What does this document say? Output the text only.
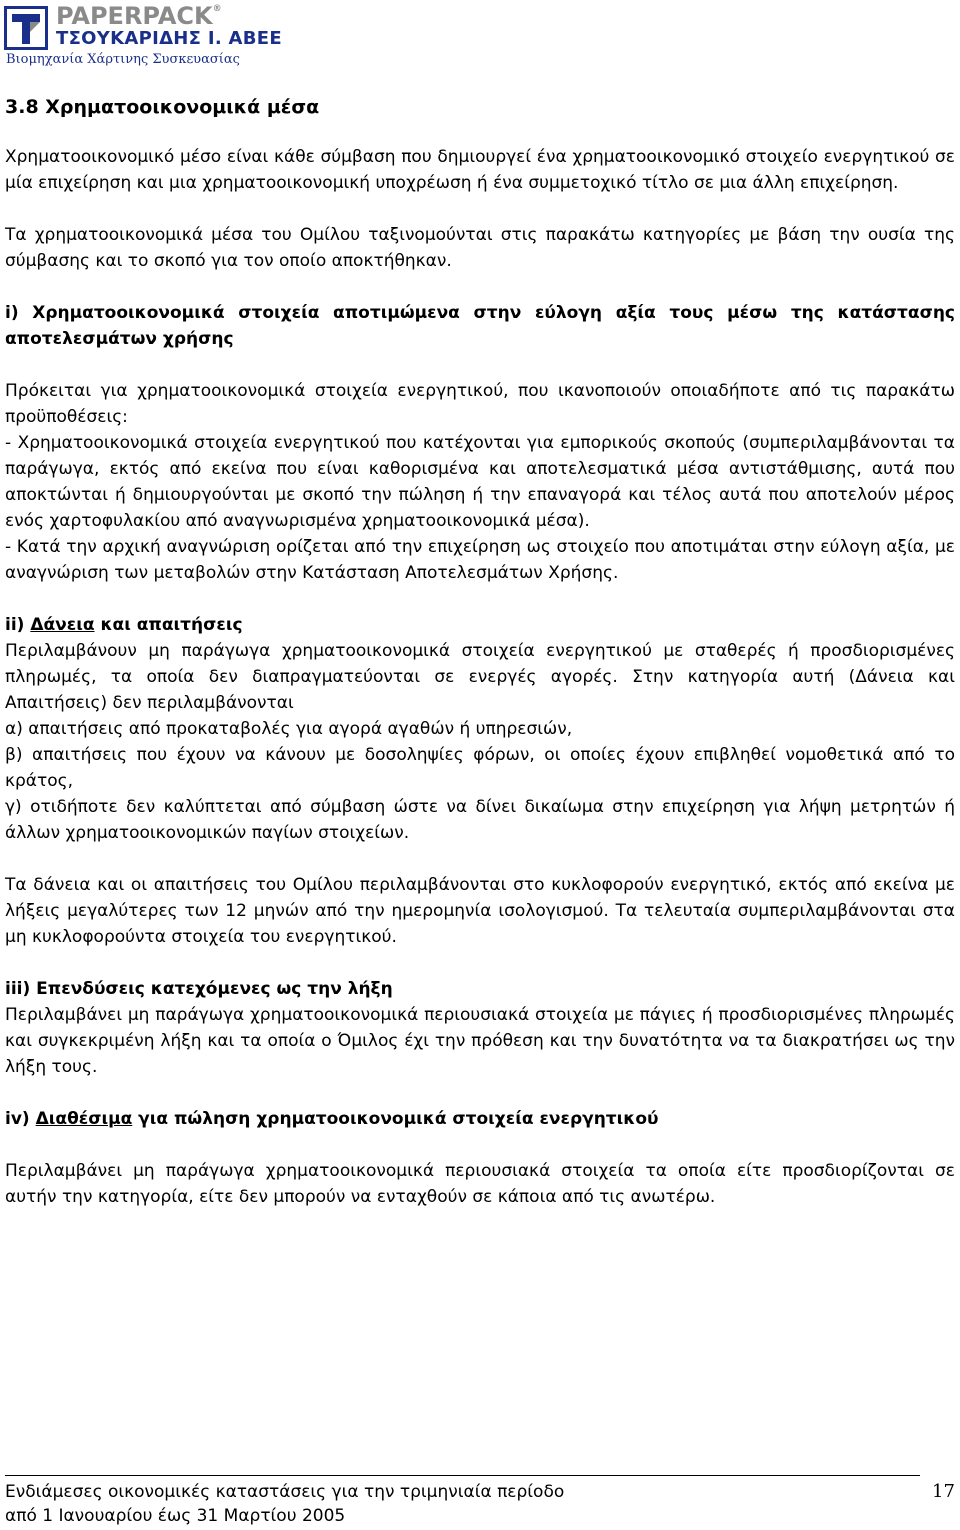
PAPERPACK®
ΤΣΟΥΚΑΡΙΔΗΣ Ι. ΑΒΕΕ
Βιομηχανία Χάρτινης Συσκευασίας
3.8 Χρηματοοικονομικά μέσα

Χρηματοοικονομικό μέσο είναι κάθε σύμβαση που δημιουργεί ένα χρηματοοικονομικό στοιχείο ενεργητικού σε μία επιχείρηση και μια χρηματοοικονομική υποχρέωση ή ένα συμμετοχικό τίτλο σε μια άλλη επιχείρηση.

Τα χρηματοοικονομικά μέσα του Ομίλου ταξινομούνται στις παρακάτω κατηγορίες με βάση την ουσία της σύμβασης και το σκοπό για τον οποίο αποκτήθηκαν.

i) Χρηματοοικονομικά στοιχεία αποτιμώμενα στην εύλογη αξία τους μέσω της κατάστασης αποτελεσμάτων χρήσης

Πρόκειται για χρηματοοικονομικά στοιχεία ενεργητικού, που ικανοποιούν οποιαδήποτε από τις παρακάτω προϋποθέσεις:

- Χρηματοοικονομικά στοιχεία ενεργητικού που κατέχονται για εμπορικούς σκοπούς (συμπεριλαμβάνονται τα παράγωγα, εκτός από εκείνα που είναι καθορισμένα και αποτελεσματικά μέσα αντιστάθμισης, αυτά που αποκτώνται ή δημιουργούνται με σκοπό την πώληση ή την επαναγορά και τέλος αυτά που αποτελούν μέρος ενός χαρτοφυλακίου από αναγνωρισμένα χρηματοοικονομικά μέσα).

- Κατά την αρχική αναγνώριση ορίζεται από την επιχείρηση ως στοιχείο που αποτιμάται στην εύλογη αξία, με αναγνώριση των μεταβολών στην Κατάσταση Αποτελεσμάτων Χρήσης.

ii) Δάνεια και απαιτήσεις

Περιλαμβάνουν μη παράγωγα χρηματοοικονομικά στοιχεία ενεργητικού με σταθερές ή προσδιορισμένες πληρωμές, τα οποία δεν διαπραγματεύονται σε ενεργές αγορές. Στην κατηγορία αυτή (Δάνεια και Απαιτήσεις) δεν περιλαμβάνονται

α) απαιτήσεις από προκαταβολές για αγορά αγαθών ή υπηρεσιών,

β) απαιτήσεις που έχουν να κάνουν με δοσοληψίες φόρων, οι οποίες έχουν επιβληθεί νομοθετικά από το κράτος,

γ) οτιδήποτε δεν καλύπτεται από σύμβαση ώστε να δίνει δικαίωμα στην επιχείρηση για λήψη μετρητών ή άλλων χρηματοοικονομικών παγίων στοιχείων.

Τα δάνεια και οι απαιτήσεις του Ομίλου περιλαμβάνονται στο κυκλοφορούν ενεργητικό, εκτός από εκείνα με λήξεις μεγαλύτερες των 12 μηνών από την ημερομηνία ισολογισμού. Τα τελευταία συμπεριλαμβάνονται στα μη κυκλοφορούντα στοιχεία του ενεργητικού.

iii) Επενδύσεις κατεχόμενες ως την λήξη

Περιλαμβάνει μη παράγωγα χρηματοοικονομικά περιουσιακά στοιχεία με πάγιες ή προσδιορισμένες πληρωμές και συγκεκριμένη λήξη και τα οποία ο Όμιλος έχι την πρόθεση και την δυνατότητα να τα διακρατήσει ως την λήξη τους.

iv) Διαθέσιμα για πώληση χρηματοοικονομικά στοιχεία ενεργητικού

Περιλαμβάνει μη παράγωγα χρηματοοικονομικά περιουσιακά στοιχεία τα οποία είτε προσδιορίζονται σε αυτήν την κατηγορία, είτε δεν μπορούν να ενταχθούν σε κάποια από τις ανωτέρω.

Ενδιάμεσες οικονομικές καταστάσεις για την τριμηνιαία περίοδο
από 1 Ιανουαρίου έως 31 Μαρτίου 2005
17
